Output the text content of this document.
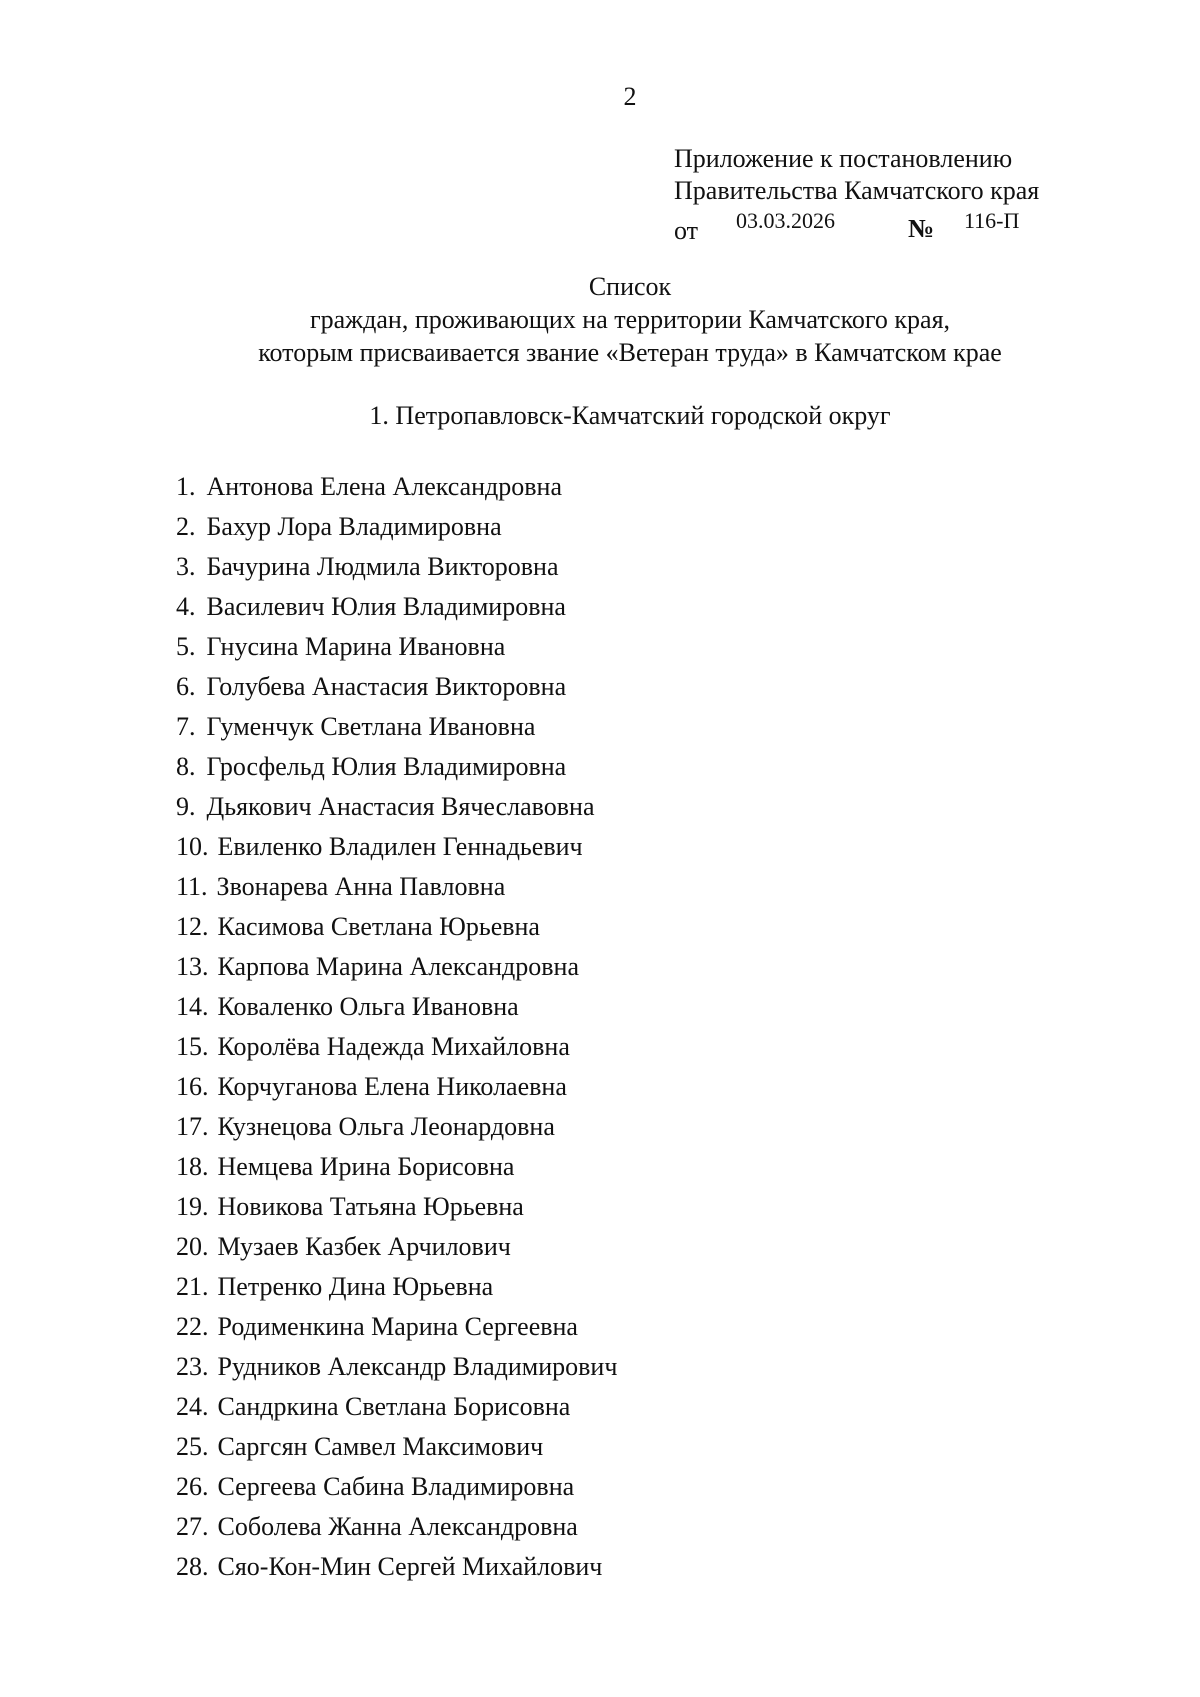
2
Приложение к постановлению
Правительства Камчатского края
от 03.03.2026	№ 116-П
Список
граждан, проживающих на территории Камчатского края,
которым присваивается звание «Ветеран труда» в Камчатском крае
1. Петропавловск-Камчатский городской округ
1. Антонова Елена Александровна
2. Бахур Лора Владимировна
3. Бачурина Людмила Викторовна
4. Василевич Юлия Владимировна
5. Гнусина Марина Ивановна
6. Голубева Анастасия Викторовна
7. Гуменчук Светлана Ивановна
8. Гросфельд Юлия Владимировна
9. Дьякович Анастасия Вячеславовна
10. Евиленко Владилен Геннадьевич
11. Звонарева Анна Павловна
12. Касимова Светлана Юрьевна
13. Карпова Марина Александровна
14. Коваленко Ольга Ивановна
15. Королёва Надежда Михайловна
16. Корчуганова Елена Николаевна
17. Кузнецова Ольга Леонардовна
18. Немцева Ирина Борисовна
19. Новикова Татьяна Юрьевна
20. Музаев Казбек Арчилович
21. Петренко Дина Юрьевна
22. Родименкина Марина Сергеевна
23. Рудников Александр Владимирович
24. Сандркина Светлана Борисовна
25. Саргсян Самвел Максимович
26. Сергеева Сабина Владимировна
27. Соболева Жанна Александровна
28. Сяо-Кон-Мин Сергей Михайлович
